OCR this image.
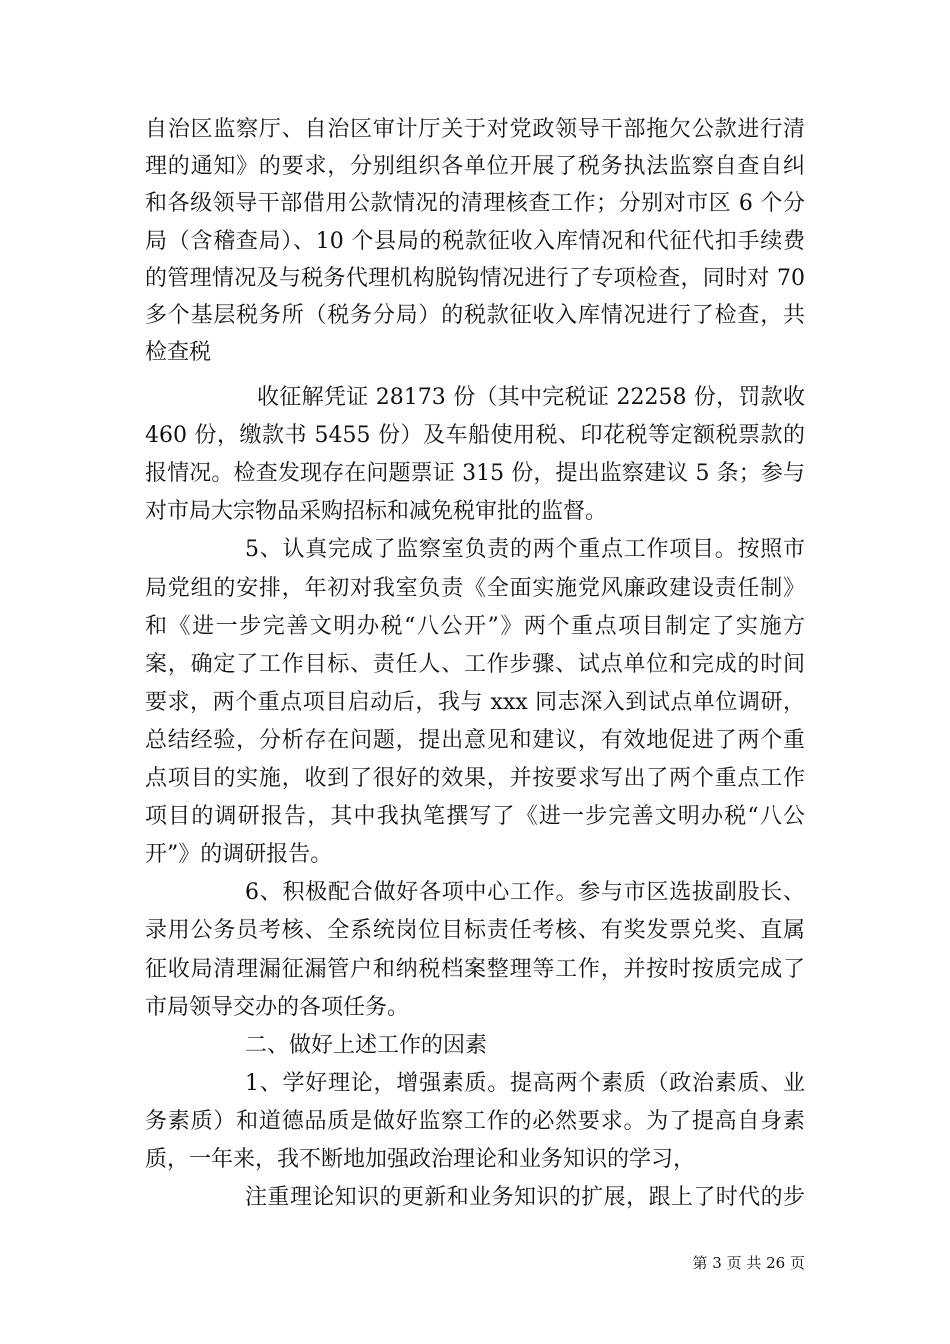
自治区监察厅、自治区审计厅关于对党政领导干部拖欠公款进行清
理的通知》的要求，分别组织各单位开展了税务执法监察自查自纠
和各级领导干部借用公款情况的清理核查工作；分别对市区 6 个分
局（含稽查局）、10 个县局的税款征收入库情况和代征代扣手续费
的管理情况及与税务代理机构脱钩情况进行了专项检查，同时对 70
多个基层税务所（税务分局）的税款征收入库情况进行了检查，共
检查税
收征解凭证 28173 份（其中完税证 22258 份，罚款收
460 份，缴款书 5455 份）及车船使用税、印花税等定额税票款的
报情况。检查发现存在问题票证 315 份，提出监察建议 5 条；参与
对市局大宗物品采购招标和减免税审批的监督。
5、认真完成了监察室负责的两个重点工作项目。按照市
局党组的安排，年初对我室负责《全面实施党风廉政建设责任制》
和《进一步完善文明办税“八公开”》两个重点项目制定了实施方
案，确定了工作目标、责任人、工作步骤、试点单位和完成的时间
要求，两个重点项目启动后，我与 xxx 同志深入到试点单位调研，
总结经验，分析存在问题，提出意见和建议，有效地促进了两个重
点项目的实施，收到了很好的效果，并按要求写出了两个重点工作
项目的调研报告，其中我执笔撰写了《进一步完善文明办税“八公
开”》的调研报告。
6、积极配合做好各项中心工作。参与市区选拔副股长、
录用公务员考核、全系统岗位目标责任考核、有奖发票兑奖、直属
征收局清理漏征漏管户和纳税档案整理等工作，并按时按质完成了
市局领导交办的各项任务。
二、做好上述工作的因素
1、学好理论，增强素质。提高两个素质（政治素质、业
务素质）和道德品质是做好监察工作的必然要求。为了提高自身素
质，一年来，我不断地加强政治理论和业务知识的学习，
注重理论知识的更新和业务知识的扩展，跟上了时代的步
第 3 页 共 26 页
